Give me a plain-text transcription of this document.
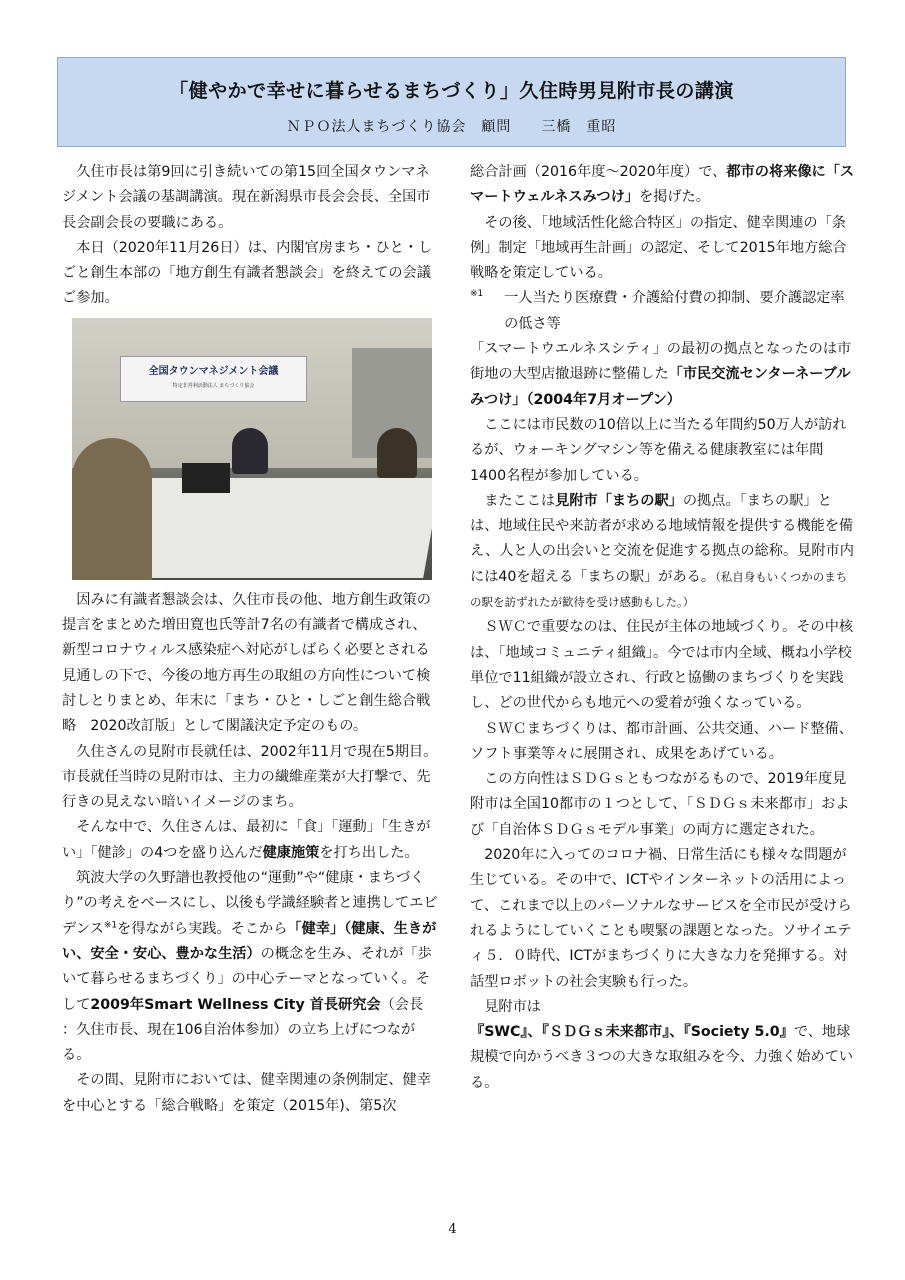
「健やかで幸せに暮らせるまちづくり」久住時男見附市長の講演
ＮＰＯ法人まちづくり協会　顧問　　三橋　重昭

久住市長は第9回に引き続いての第15回全国タウンマネジメント会議の基調講演。現在新潟県市長会会長、全国市長会副会長の要職にある。

本日（2020年11月26日）は、内閣官房まち・ひと・しごと創生本部の「地方創生有識者懇談会」を終えての会議ご参加。

全国タウンマネジメント会議
特定非営利活動法人 まちづくり協会

因みに有識者懇談会は、久住市長の他、地方創生政策の提言をまとめた増田寛也氏等計7名の有識者で構成され、新型コロナウィルス感染症へ対応がしばらく必要とされる見通しの下で、今後の地方再生の取組の方向性について検討しとりまとめ、年末に「まち・ひと・しごと創生総合戦略　2020改訂版」として閣議決定予定のもの。

久住さんの見附市長就任は、2002年11月で現在5期目。市長就任当時の見附市は、主力の繊維産業が大打撃で、先行きの見えない暗いイメージのまち。

そんな中で、久住さんは、最初に「食」「運動」「生きがい」「健診」の4つを盛り込んだ健康施策を打ち出した。

筑波大学の久野譜也教授他の“運動”や“健康・まちづくり”の考えをベースにし、以後も学識経験者と連携してエビデンス$^{※1}$を得ながら実践。そこから「健幸」（健康、生きがい、安全・安心、豊かな生活）の概念を生み、それが「歩いて暮らせるまちづくり」の中心テーマとなっていく。そして2009年Smart Wellness City 首長研究会（会長 ：久住市長、現在106自治体参加）の立ち上げにつながる。

その間、見附市においては、健幸関連の条例制定、健幸を中心とする「総合戦略」を策定（2015年)、第5次

総合計画（2016年度～2020年度）で、都市の将来像に「スマートウェルネスみつけ」を掲げた。

その後、「地域活性化総合特区」の指定、健幸関連の「条例」制定「地域再生計画」の認定、そして2015年地方総合戦略を策定している。

※1 一人当たり医療費・介護給付費の抑制、要介護認定率の低さ等

「スマートウエルネスシティ」の最初の拠点となったのは市街地の大型店撤退跡に整備した「市民交流センターネーブルみつけ」（2004年7月オープン）

ここには市民数の10倍以上に当たる年間約50万人が訪れるが、ウォーキングマシン等を備える健康教室には年間1400名程が参加している。

またここは見附市「まちの駅」の拠点。「まちの駅」とは、地域住民や来訪者が求める地域情報を提供する機能を備え、人と人の出会いと交流を促進する拠点の総称。見附市内には40を超える「まちの駅」がある。（私自身もいくつかのまちの駅を訪ずれたが歓待を受け感動もした。）

ＳＷＣで重要なのは、住民が主体の地域づくり。その中核は、「地域コミュニティ組織」。今では市内全域、概ね小学校単位で11組織が設立され、行政と協働のまちづくりを実践し、どの世代からも地元への愛着が強くなっている。

ＳＷＣまちづくりは、都市計画、公共交通、ハード整備、ソフト事業等々に展開され、成果をあげている。

この方向性はＳＤＧｓともつながるもので、2019年度見附市は全国10都市の１つとして、「ＳＤＧｓ未来都市」および「自治体ＳＤＧｓモデル事業」の両方に選定された。

2020年に入ってのコロナ禍、日常生活にも様々な問題が生じている。その中で、ICTやインターネットの活用によって、これまで以上のパーソナルなサービスを全市民が受けられるようにしていくことも喫緊の課題となった。ソサイエティ５．０時代、ICTがまちづくりに大きな力を発揮する。対話型ロボットの社会実験も行った。

見附市は『SWC』、『ＳＤＧｓ未来都市』、『Society 5.0』で、地球規模で向かうべき３つの大きな取組みを今、力強く始めている。

4
